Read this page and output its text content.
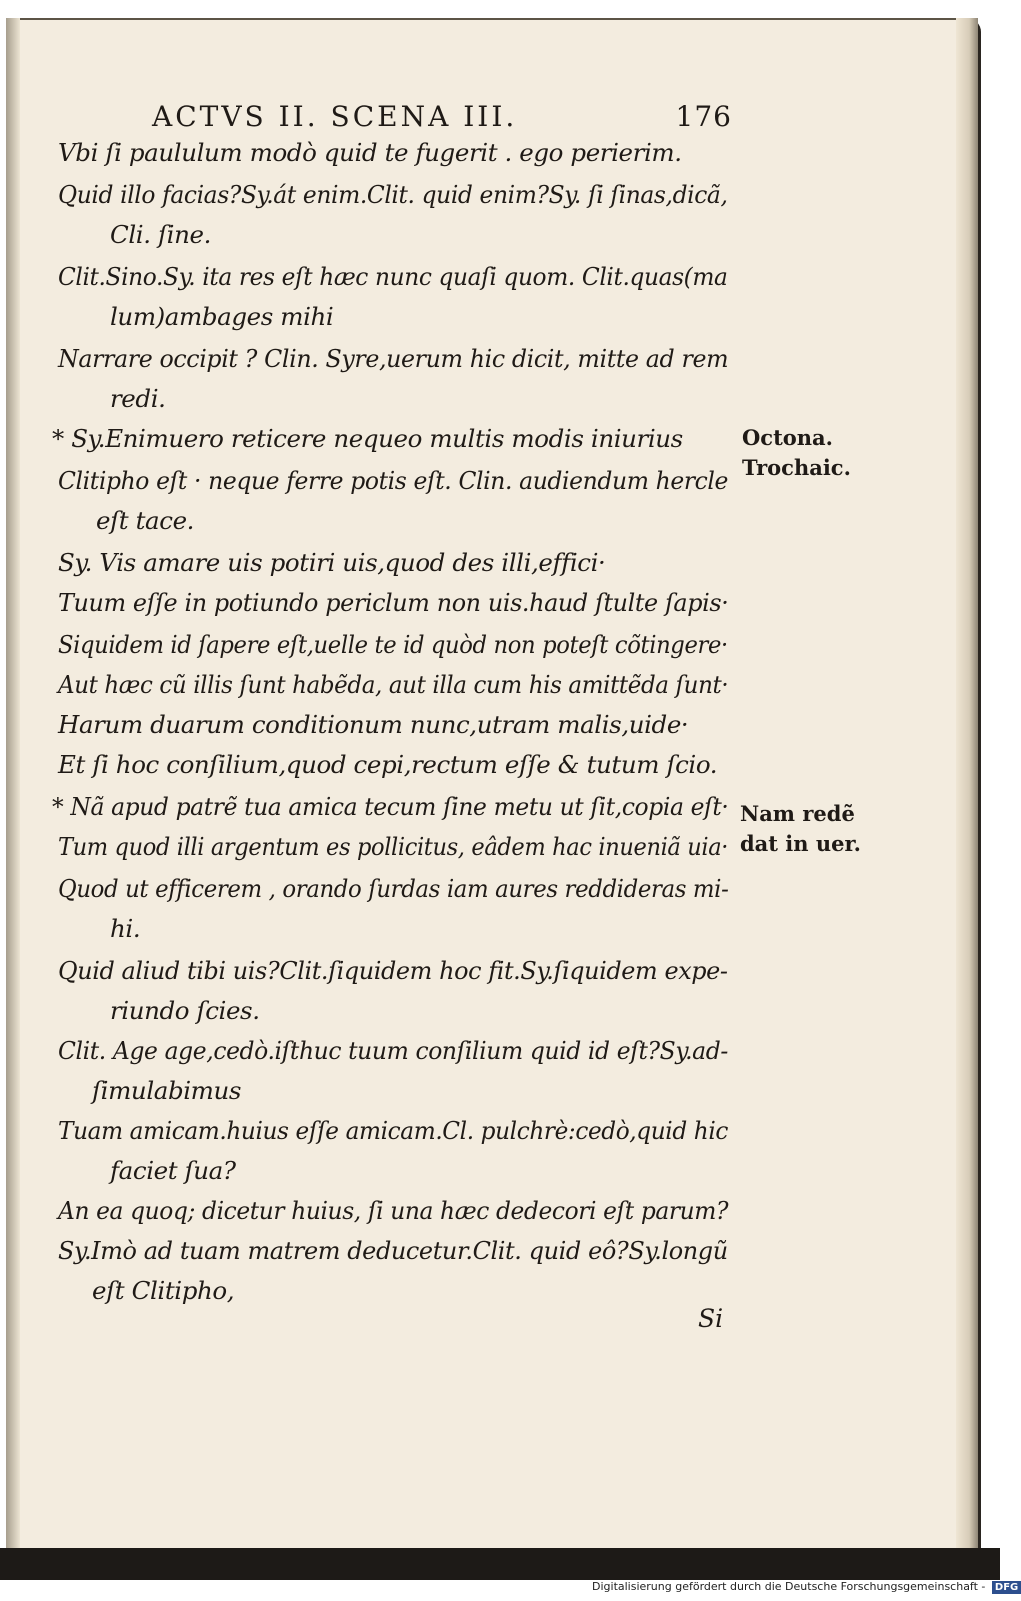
ACTVS II. SCENA III.	176
Vbi ſi paululum modò quid te fugerit . ego perierim.
Quid illo facias?Sy.át enim.Clit. quid enim?Sy. ſi ſinas,dicã,
Cli. ſine.
Clit.Sino.Sy. ita res eſt hæc nunc quaſi quom. Clit.quas(ma
lum)ambages mihi
Narrare occipit ? Clin. Syre,uerum hic dicit, mitte ad rem
redi.
* Sy.Enimuero reticere nequeo multis modis iniurius
Clitipho eſt · neque ferre potis eſt. Clin. audiendum hercle
eſt tace.
Sy. Vis amare uis potiri uis,quod des illi,effici·
Tuum eſſe in potiundo periclum non uis.haud ſtulte ſapis·
Siquidem id ſapere eſt,uelle te id quòd non poteſt cõtingere·
Aut hæc cũ illis ſunt habẽda, aut illa cum his amittẽda ſunt·
Harum duarum conditionum nunc,utram malis,uide·
Et ſi hoc conſilium,quod cepi,rectum eſſe & tutum ſcio.
* Nã apud patrẽ tua amica tecum ſine metu ut ſit,copia eſt·
Tum quod illi argentum es pollicitus, eâdem hac inueniã uia·
Quod ut efficerem , orando ſurdas iam aures reddideras mi-
hi.
Quid aliud tibi uis?Clit.ſiquidem hoc fit.Sy.ſiquidem expe-
riundo ſcies.
Clit. Age age,cedò.iſthuc tuum conſilium quid id eſt?Sy.ad-
ſimulabimus
Tuam amicam.huius eſſe amicam.Cl. pulchrè:cedò,quid hic
faciet ſua?
An ea quoq; dicetur huius, ſi una hæc dedecori eſt parum?
Sy.Imò ad tuam matrem deducetur.Clit. quid eô?Sy.longũ
eſt Clitipho,
Octona.
Trochaic.
Nam redẽ
dat in uer.
Si
Digitalisierung gefördert durch die Deutsche Forschungsgemeinschaft - DFG
